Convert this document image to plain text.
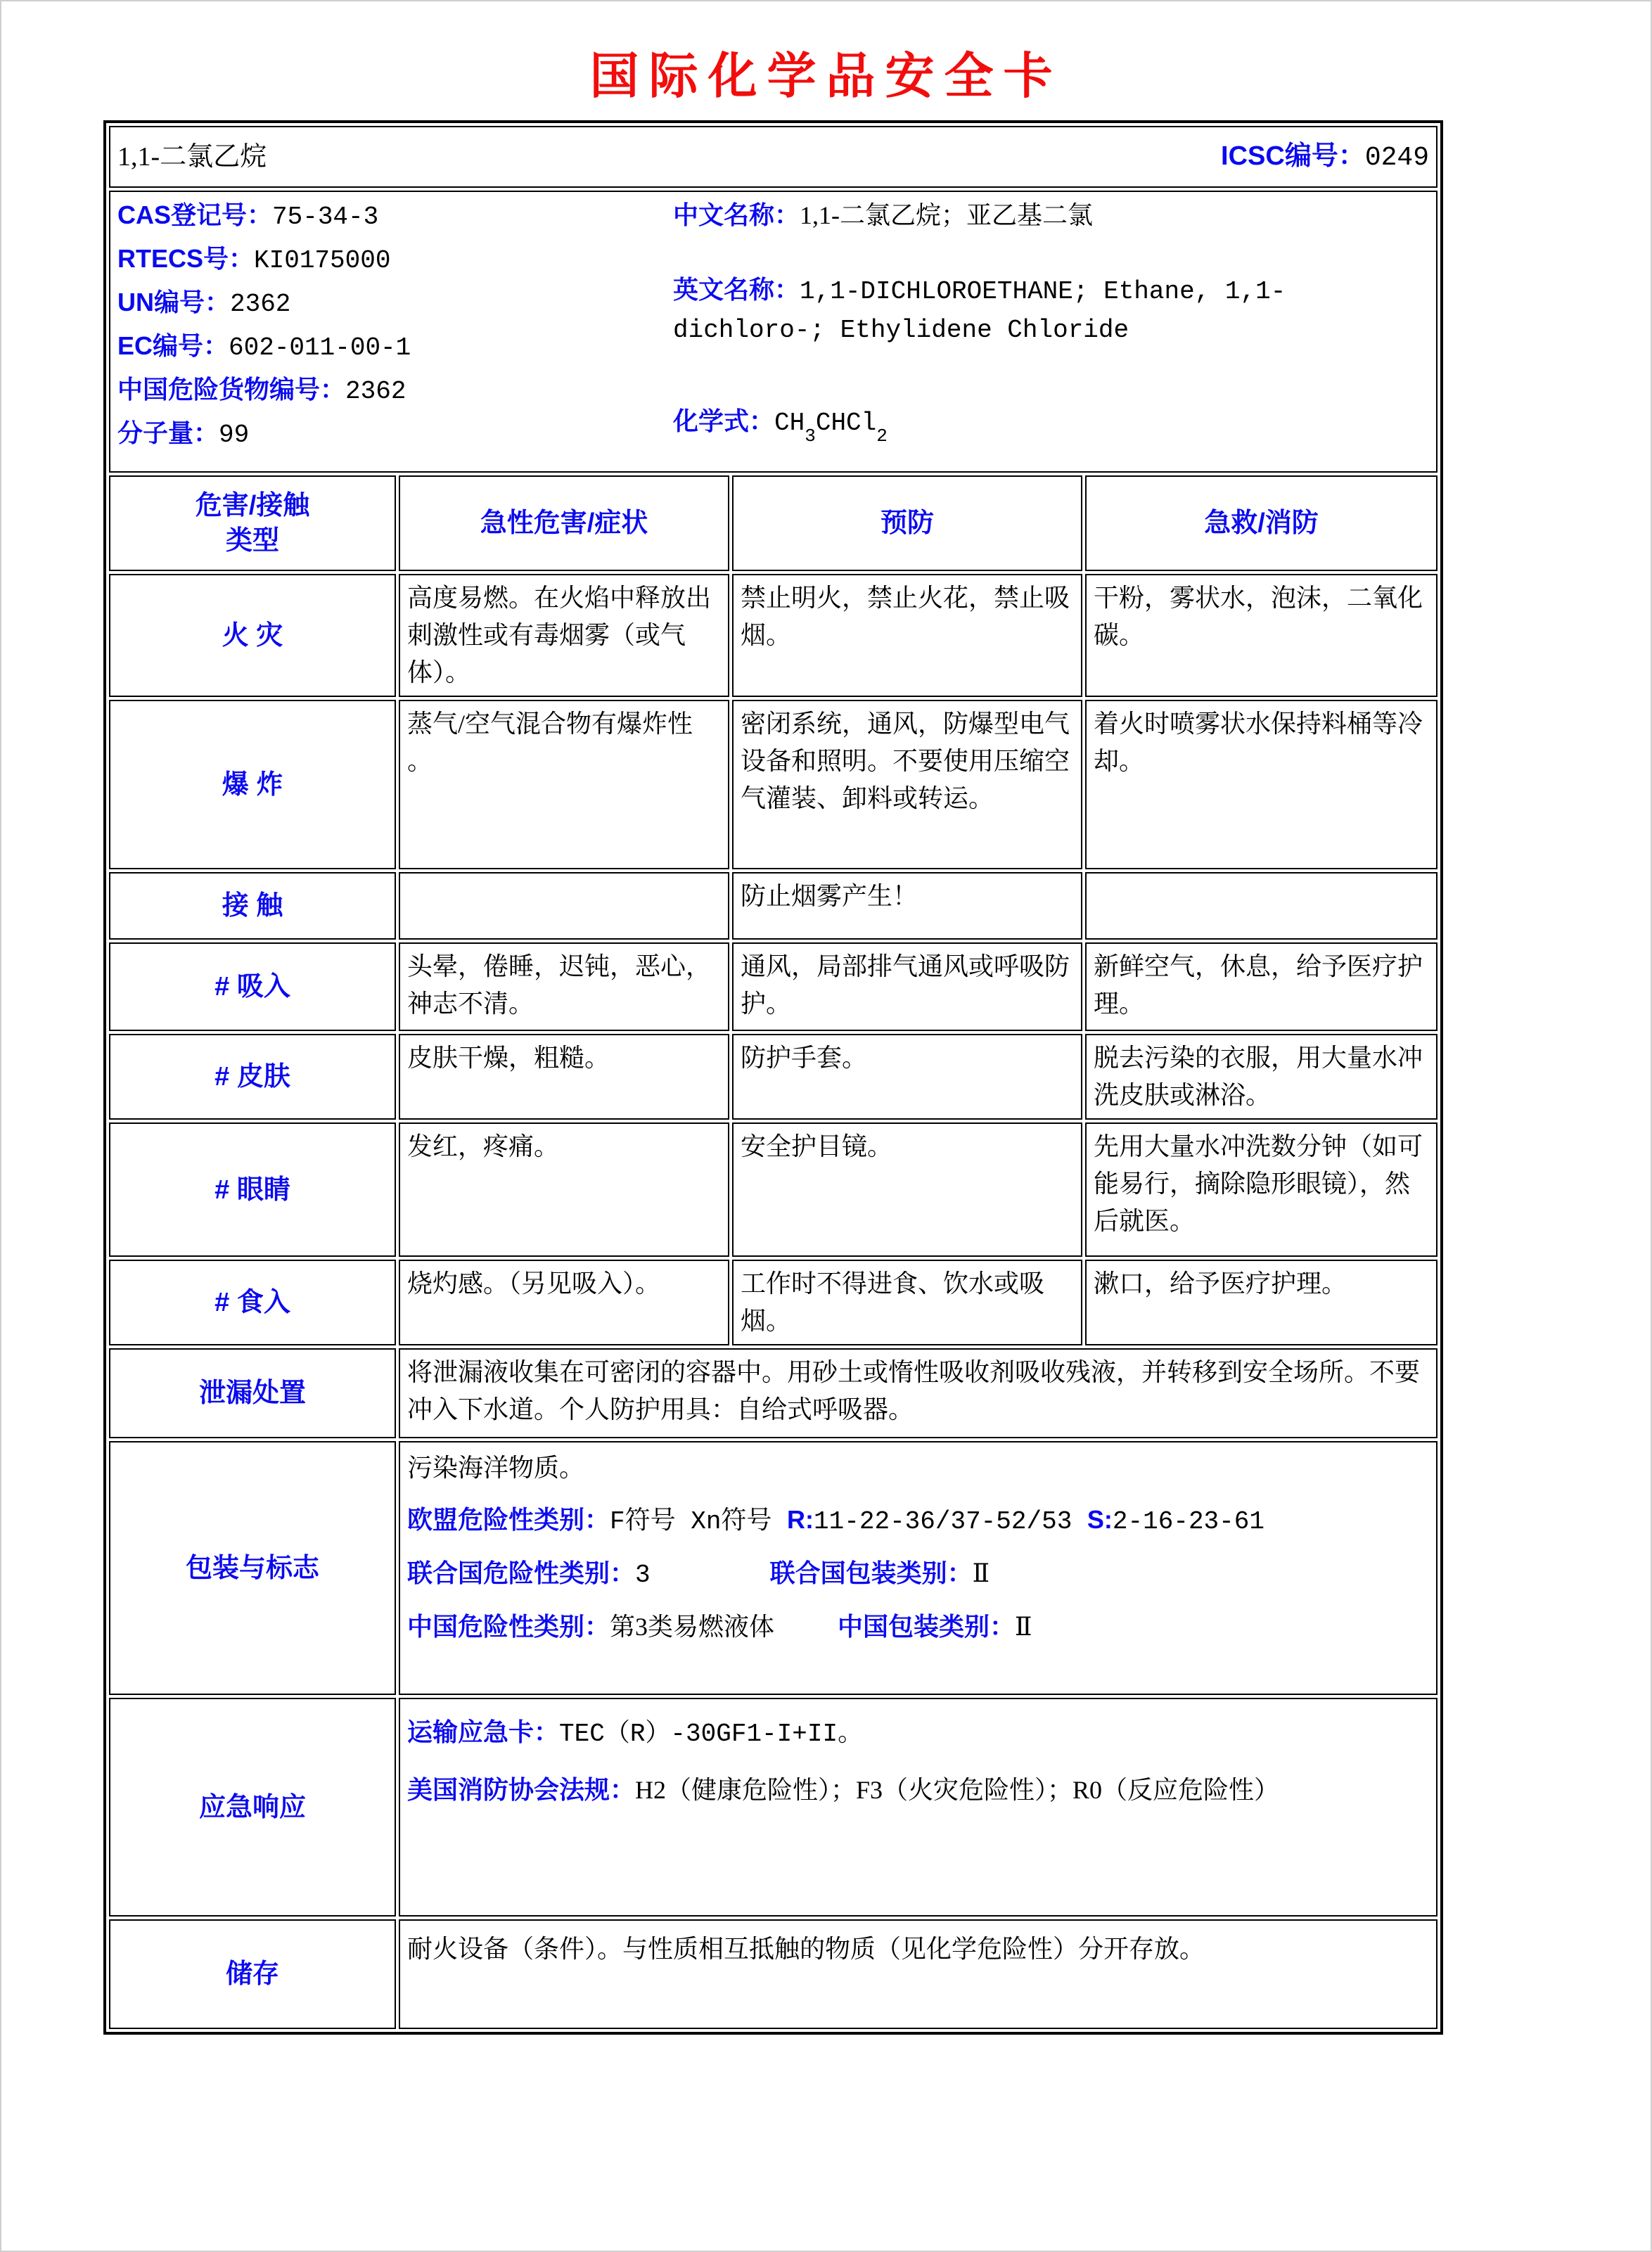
国际化学品安全卡
1,1-二氯乙烷 ICSC编号：0249			

CAS登记号：75-34-3
RTECS号：KI0175000
UN编号：2362
EC编号：602-011-00-1
中国危险货物编号：2362
分子量：99
中文名称：1,1-二氯乙烷；亚乙基二氯
英文名称：1,1-DICHLOROETHANE; Ethane, 1,1-dichloro-; Ethylidene Chloride
化学式：$CH_3CHCl_2$

危害/接触
类型	急性危害/症状	预防	急救/消防
火 灾	高度易燃。在火焰中释放出刺激性或有毒烟雾（或气体）。	禁止明火，禁止火花，禁止吸烟。	干粉，雾状水，泡沫，二氧化碳。
爆 炸	蒸气/空气混合物有爆炸性 。	密闭系统，通风，防爆型电气设备和照明。不要使用压缩空气灌装、卸料或转运。	着火时喷雾状水保持料桶等冷却。
接 触		防止烟雾产生！	
# 吸入	头晕，倦睡，迟钝，恶心，神志不清。	通风，局部排气通风或呼吸防护。	新鲜空气，休息，给予医疗护理。
# 皮肤	皮肤干燥，粗糙。	防护手套。	脱去污染的衣服，用大量水冲洗皮肤或淋浴。
# 眼睛	发红，疼痛。	安全护目镜。	先用大量水冲洗数分钟（如可能易行，摘除隐形眼镜），然后就医。
# 食入	烧灼感。（另见吸入）。	工作时不得进食、饮水或吸烟。	漱口，给予医疗护理。
泄漏处置	将泄漏液收集在可密闭的容器中。用砂土或惰性吸收剂吸收残液，并转移到安全场所。不要冲入下水道。个人防护用具：自给式呼吸器。		
包装与标志	污染海洋物质。
欧盟危险性类别：F符号 Xn符号 R:11-22-36/37-52/53 S:2-16-23-61
联合国危险性类别：3 联合国包装类别：Ⅱ
中国危险性类别：第3类易燃液体 中国包装类别：Ⅱ		

应急响应	运输应急卡：TEC（R）-30GF1-I+II。
美国消防协会法规：H2（健康危险性）；F3（火灾危险性）；R0（反应危险性）		

储存	耐火设备（条件）。与性质相互抵触的物质（见化学危险性）分开存放。		
